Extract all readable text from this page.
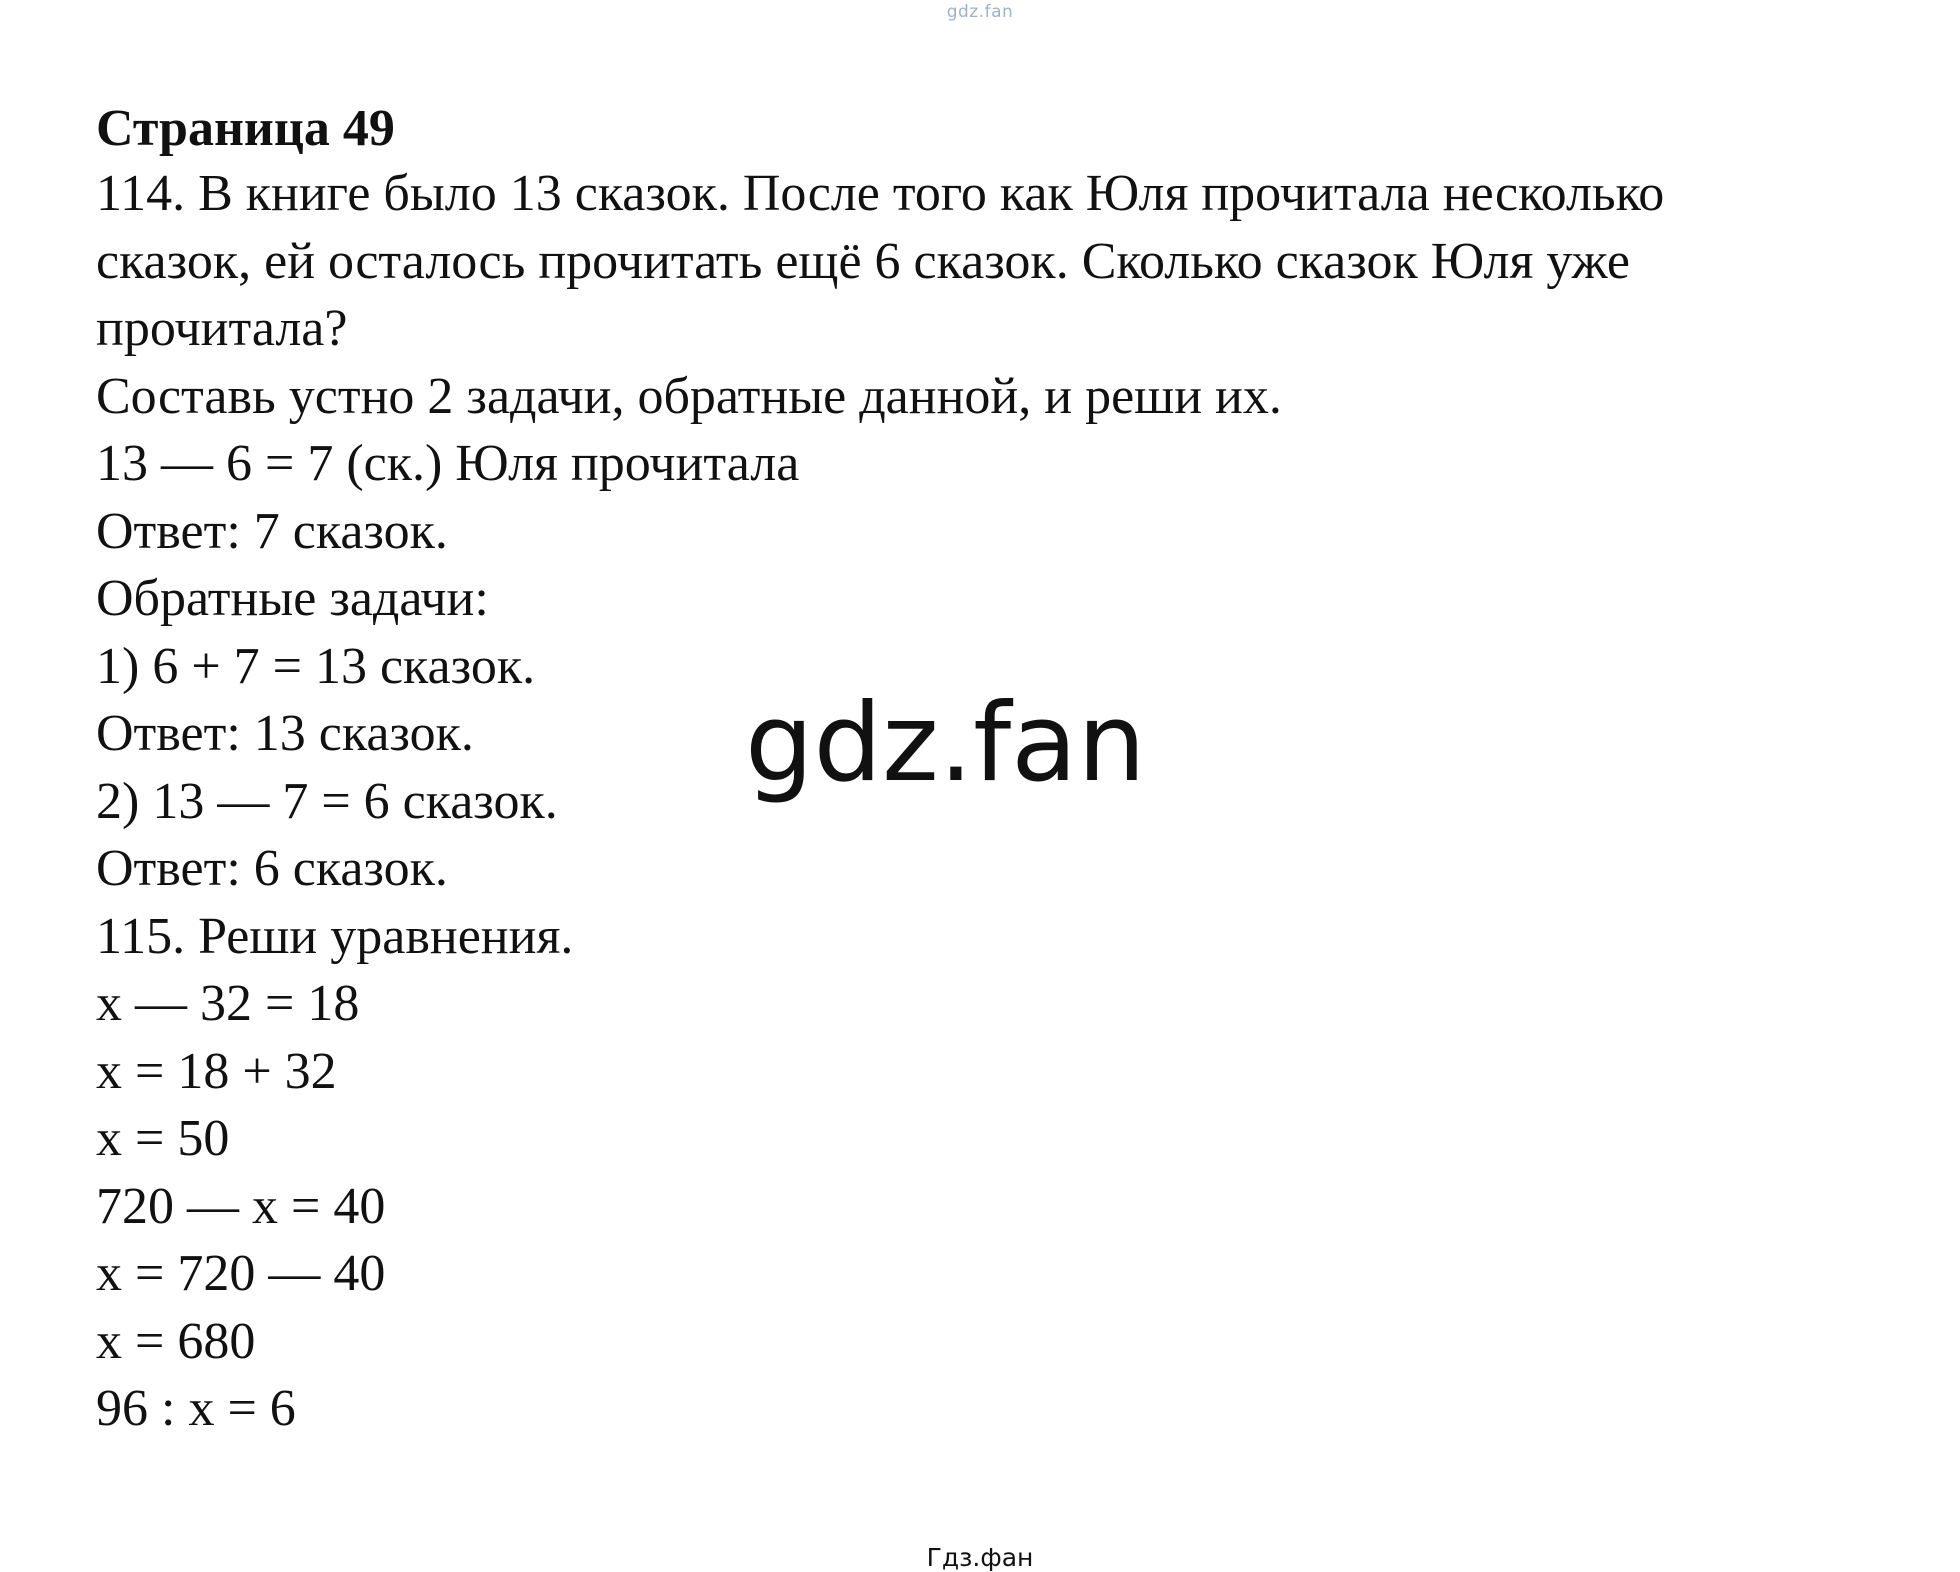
gdz.fan
Страница 49
114. В книге было 13 сказок. После того как Юля прочитала несколько
сказок, ей осталось прочитать ещё 6 сказок. Сколько сказок Юля уже
прочитала?
Составь устно 2 задачи, обратные данной, и реши их.
13 — 6 = 7 (ск.) Юля прочитала
Ответ: 7 сказок.
Обратные задачи:
1) 6 + 7 = 13 сказок.
Ответ: 13 сказок.
2) 13 — 7 = 6 сказок.
Ответ: 6 сказок.
115. Реши уравнения.
х — 32 = 18
х = 18 + 32
х = 50
720 — х = 40
х = 720 — 40
х = 680
96 : х = 6
gdz.fan
Гдз.фан
